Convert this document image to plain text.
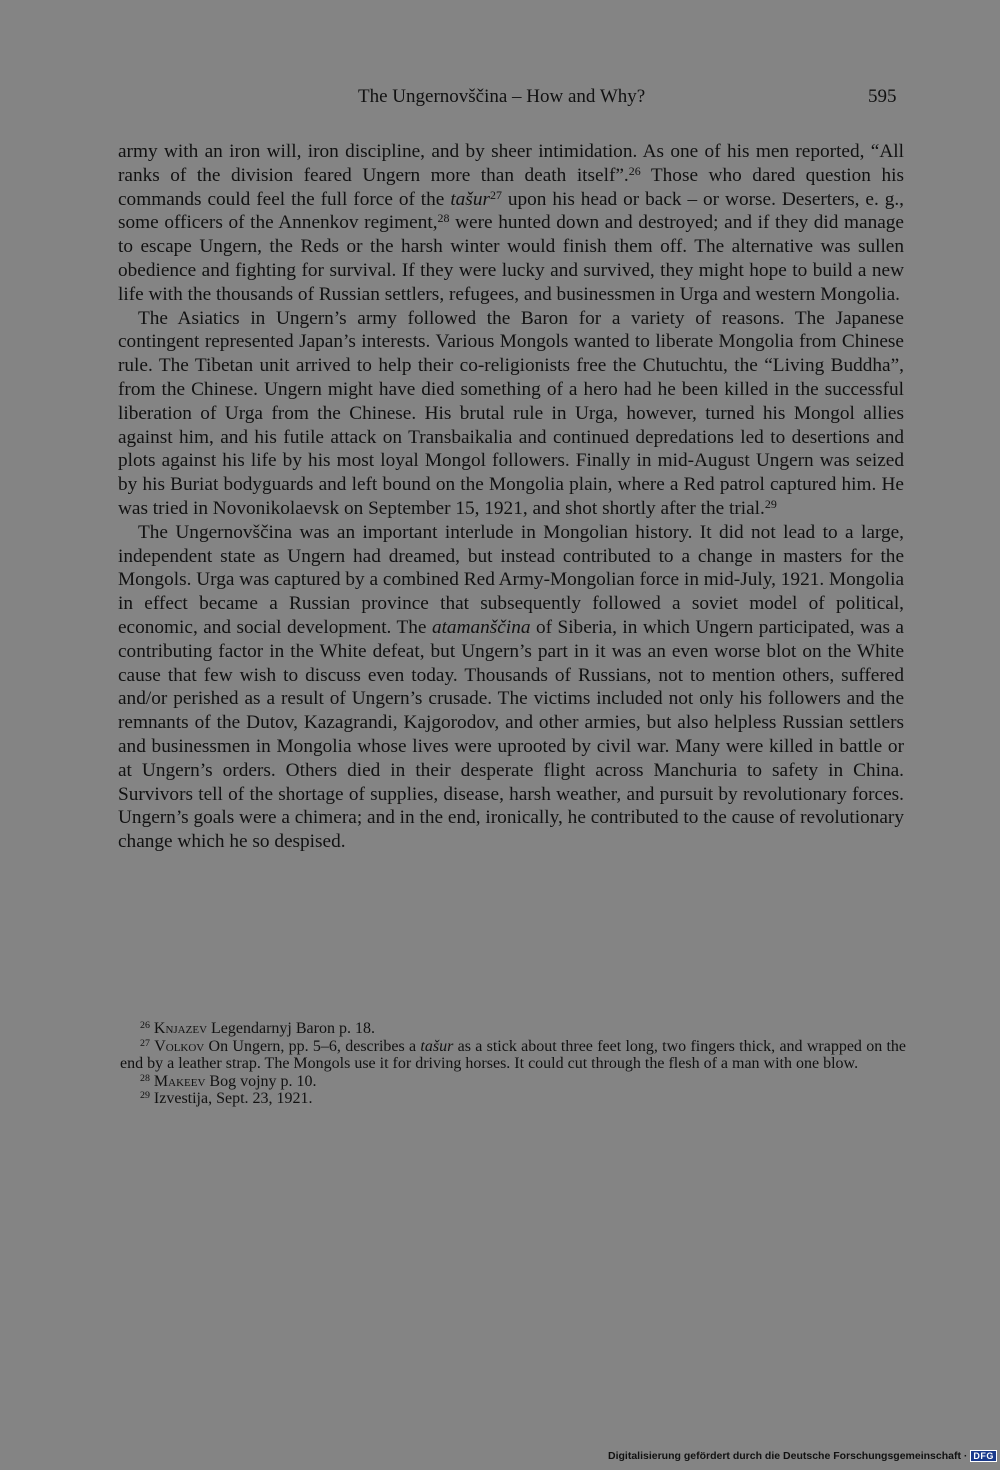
The Ungernovščina – How and Why?	595

army with an iron will, iron discipline, and by sheer intimidation. As one of his men reported, “All ranks of the division feared Ungern more than death itself”.$^{26}$ Those who dared question his commands could feel the full force of the tašur$^{27}$ upon his head or back – or worse. Deserters, e. g., some officers of the Annenkov regiment,$^{28}$ were hunted down and destroyed; and if they did manage to escape Ungern, the Reds or the harsh winter would finish them off. The alternative was sullen obedience and fighting for survival. If they were lucky and survived, they might hope to build a new life with the thousands of Russian settlers, refugees, and businessmen in Urga and western Mongolia.

The Asiatics in Ungern’s army followed the Baron for a variety of reasons. The Japanese contingent represented Japan’s interests. Various Mongols wanted to liberate Mongolia from Chinese rule. The Tibetan unit arrived to help their co-religionists free the Chutuchtu, the “Living Buddha”, from the Chinese. Ungern might have died something of a hero had he been killed in the successful liberation of Urga from the Chinese. His brutal rule in Urga, however, turned his Mongol allies against him, and his futile attack on Transbaikalia and continued depredations led to desertions and plots against his life by his most loyal Mongol followers. Finally in mid-August Ungern was seized by his Buriat bodyguards and left bound on the Mongolia plain, where a Red patrol captured him. He was tried in Novonikolaevsk on September 15, 1921, and shot shortly after the trial.$^{29}$

The Ungernovščina was an important interlude in Mongolian history. It did not lead to a large, independent state as Ungern had dreamed, but instead contributed to a change in masters for the Mongols. Urga was captured by a combined Red Army-Mongolian force in mid-July, 1921. Mongolia in effect became a Russian province that subsequently followed a soviet model of political, economic, and social development. The atamanščina of Siberia, in which Ungern participated, was a contributing factor in the White defeat, but Ungern’s part in it was an even worse blot on the White cause that few wish to discuss even today. Thousands of Russians, not to mention others, suffered and/or perished as a result of Ungern’s crusade. The victims included not only his followers and the remnants of the Dutov, Kazagrandi, Kajgorodov, and other armies, but also helpless Russian settlers and businessmen in Mongolia whose lives were uprooted by civil war. Many were killed in battle or at Ungern’s orders. Others died in their desperate flight across Manchuria to safety in China. Survivors tell of the shortage of supplies, disease, harsh weather, and pursuit by revolutionary forces. Ungern’s goals were a chimera; and in the end, ironically, he contributed to the cause of revolutionary change which he so despised.

$^{26}$ Knjazev Legendarnyj Baron p. 18.

$^{27}$ Volkov On Ungern, pp. 5–6, describes a tašur as a stick about three feet long, two fingers thick, and wrapped on the end by a leather strap. The Mongols use it for driving horses. It could cut through the flesh of a man with one blow.

$^{28}$ Makeev Bog vojny p. 10.

$^{29}$ Izvestija, Sept. 23, 1921.

Digitalisierung gefördert durch die Deutsche Forschungsgemeinschaft · DFG
